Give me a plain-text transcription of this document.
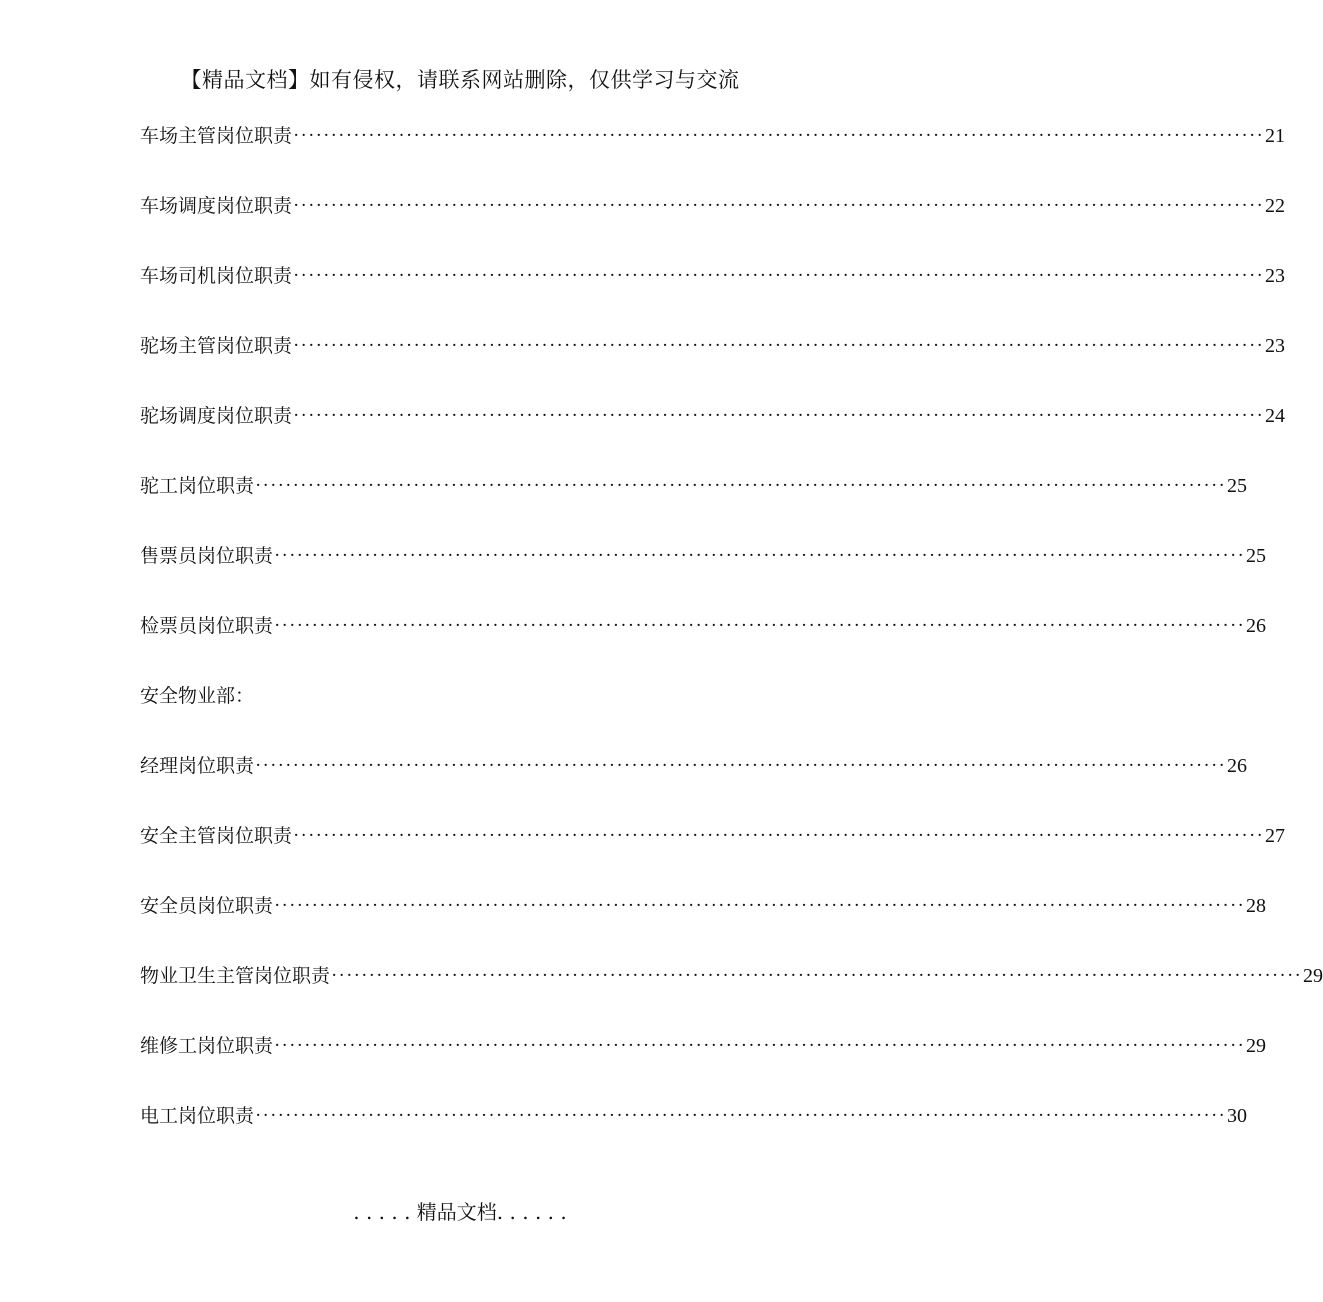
【精品文档】如有侵权，请联系网站删除，仅供学习与交流
车场主管岗位职责 ································································································································· 21
车场调度岗位职责 ································································································································· 22
车场司机岗位职责 ································································································································· 23
驼场主管岗位职责 ································································································································· 23
驼场调度岗位职责 ································································································································· 24
驼工岗位职责 ································································································································· 25
售票员岗位职责 ································································································································· 25
检票员岗位职责 ································································································································· 26
安全物业部：
经理岗位职责 ································································································································· 26
安全主管岗位职责 ································································································································· 27
安全员岗位职责 ································································································································· 28
物业卫生主管岗位职责 ································································································································· 29
维修工岗位职责 ································································································································· 29
电工岗位职责 ································································································································· 30
. . . . . 精品文档. . . . . .
